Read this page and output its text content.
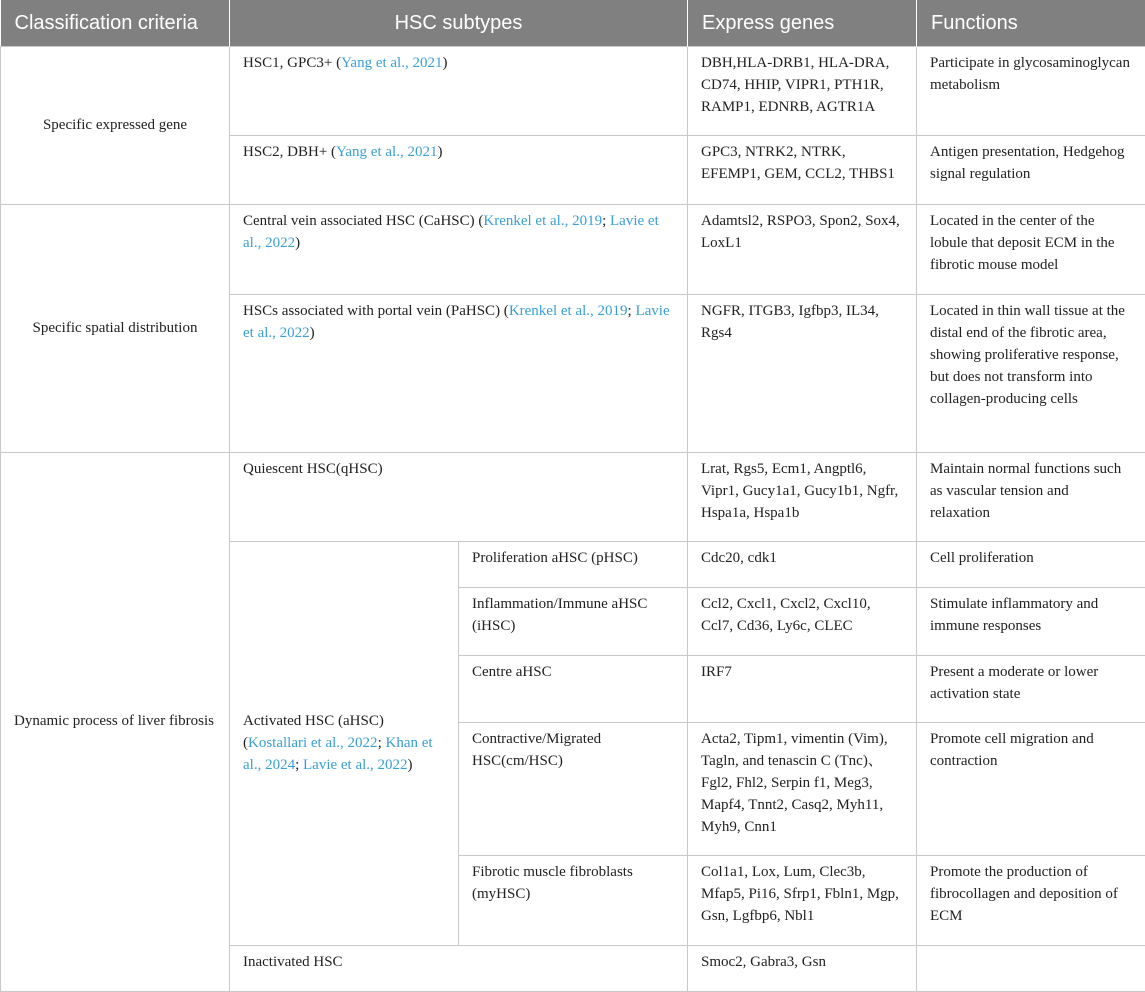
Classification criteria	HSC subtypes		Express genes	Functions
Specific expressed gene	HSC1, GPC3+ (Yang et al., 2021)		DBH,HLA-DRB1, HLA-DRA, CD74, HHIP, VIPR1, PTH1R, RAMP1, EDNRB, AGTR1A	Participate in glycosaminoglycan metabolism
	HSC2, DBH+ (Yang et al., 2021)		GPC3, NTRK2, NTRK, EFEMP1, GEM, CCL2, THBS1	Antigen presentation, Hedgehog signal regulation
Specific spatial distribution	Central vein associated HSC (CaHSC) (Krenkel et al., 2019; Lavie et al., 2022)		Adamtsl2, RSPO3, Spon2, Sox4, LoxL1	Located in the center of the lobule that deposit ECM in the fibrotic mouse model
	HSCs associated with portal vein (PaHSC) (Krenkel et al., 2019; Lavie et al., 2022)		NGFR, ITGB3, Igfbp3, IL34, Rgs4	Located in thin wall tissue at the distal end of the fibrotic area, showing proliferative response, but does not transform into collagen-producing cells
Dynamic process of liver fibrosis	Quiescent HSC(qHSC)		Lrat, Rgs5, Ecm1, Angptl6, Vipr1, Gucy1a1, Gucy1b1, Ngfr, Hspa1a, Hspa1b	Maintain normal functions such as vascular tension and relaxation
	Activated HSC (aHSC) (Kostallari et al., 2022; Khan et al., 2024; Lavie et al., 2022)	Proliferation aHSC (pHSC)	Cdc20, cdk1	Cell proliferation
		Inflammation/Immune aHSC (iHSC)	Ccl2, Cxcl1, Cxcl2, Cxcl10, Ccl7, Cd36, Ly6c, CLEC	Stimulate inflammatory and immune responses
		Centre aHSC	IRF7	Present a moderate or lower activation state
		Contractive/Migrated HSC(cm/HSC)	Acta2, Tipm1, vimentin (Vim), Tagln, and tenascin C (Tnc)、Fgl2, Fhl2, Serpin f1, Meg3, Mapf4, Tnnt2, Casq2, Myh11, Myh9, Cnn1	Promote cell migration and contraction
		Fibrotic muscle fibroblasts (myHSC)	Col1a1, Lox, Lum, Clec3b, Mfap5, Pi16, Sfrp1, Fbln1, Mgp, Gsn, Lgfbp6, Nbl1	Promote the production of fibrocollagen and deposition of ECM
	Inactivated HSC		Smoc2, Gabra3, Gsn	
